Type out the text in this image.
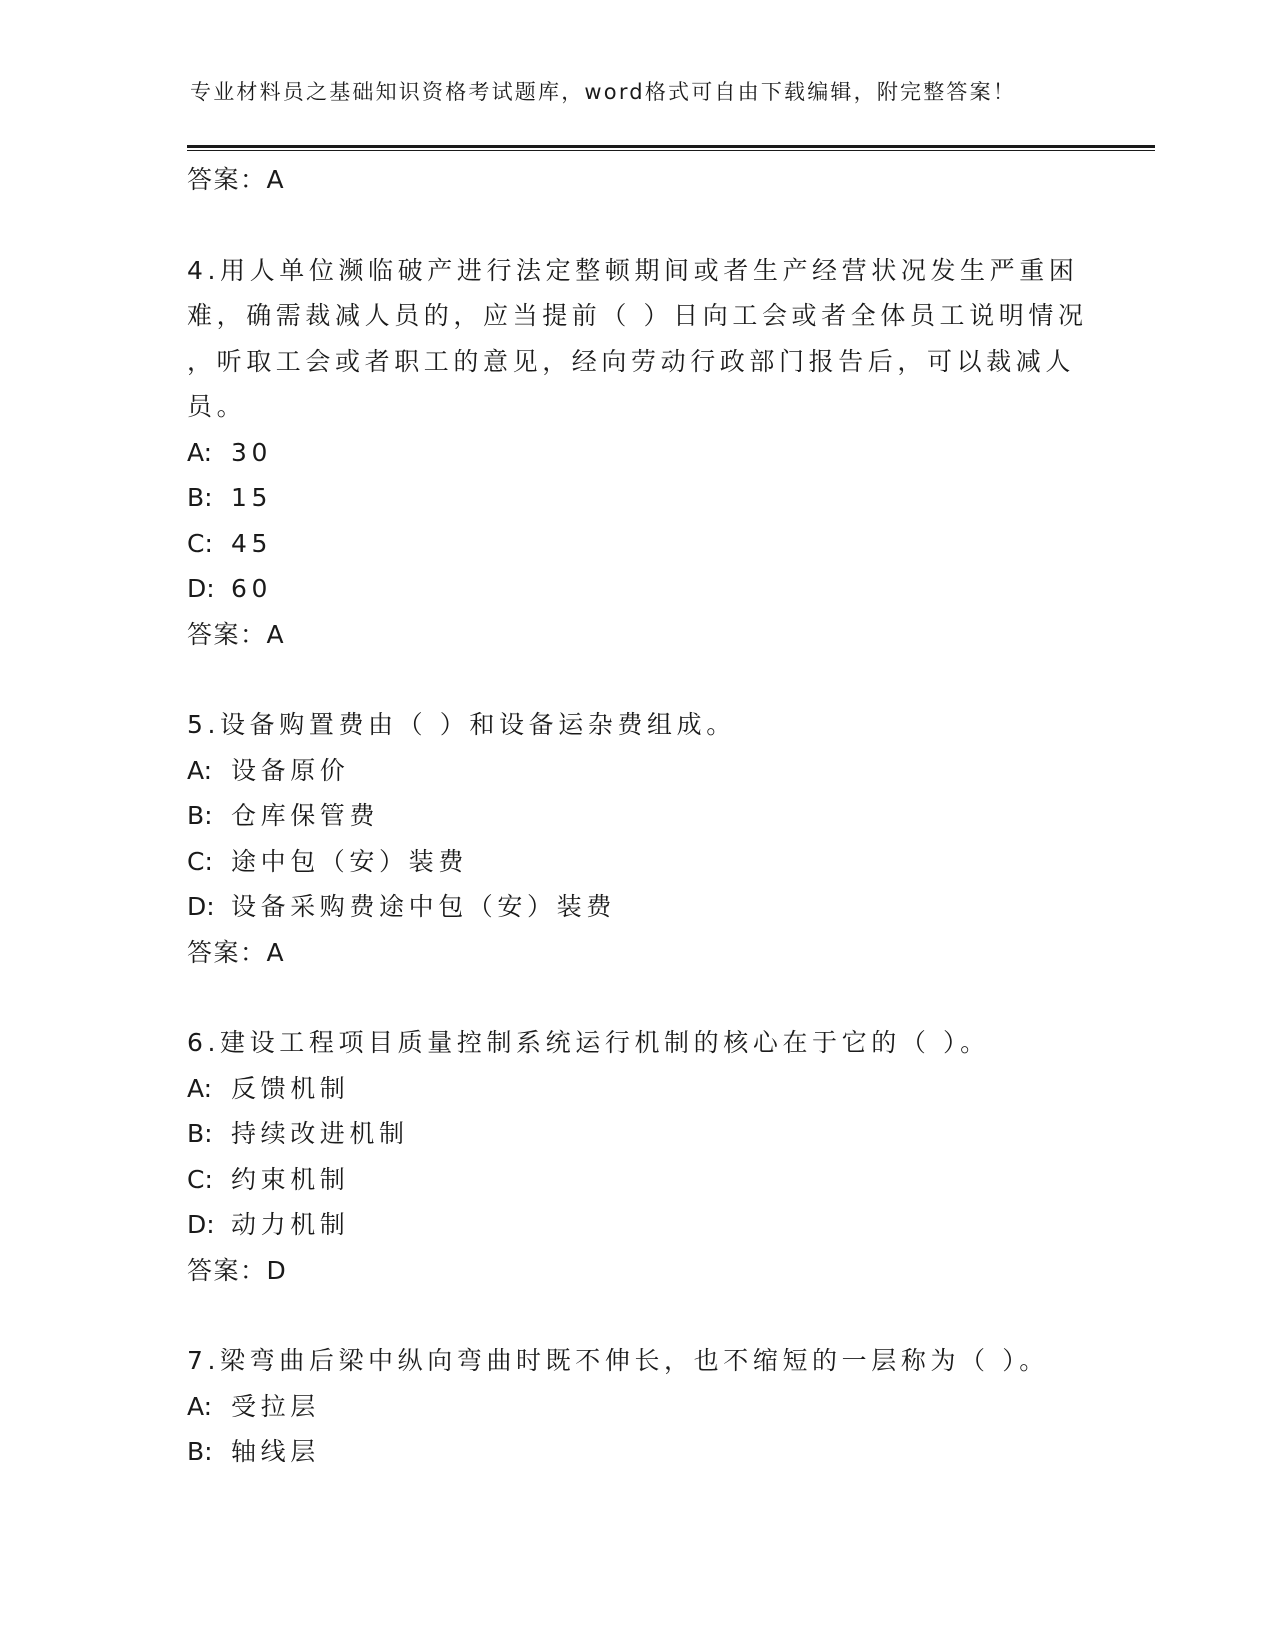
专业材料员之基础知识资格考试题库，word格式可自由下载编辑，附完整答案！

答案：A

4.用人单位濒临破产进行法定整顿期间或者生产经营状况发生严重困

难，确需裁减人员的，应当提前（ ）日向工会或者全体员工说明情况

，听取工会或者职工的意见，经向劳动行政部门报告后，可以裁减人

员。

A: 30

B: 15

C: 45

D: 60

答案：A

5.设备购置费由（ ）和设备运杂费组成。

A: 设备原价

B: 仓库保管费

C: 途中包（安）装费

D: 设备采购费途中包（安）装费

答案：A

6.建设工程项目质量控制系统运行机制的核心在于它的（ ）。

A: 反馈机制

B: 持续改进机制

C: 约束机制

D: 动力机制

答案：D

7.梁弯曲后梁中纵向弯曲时既不伸长，也不缩短的一层称为（ ）。

A: 受拉层

B: 轴线层
